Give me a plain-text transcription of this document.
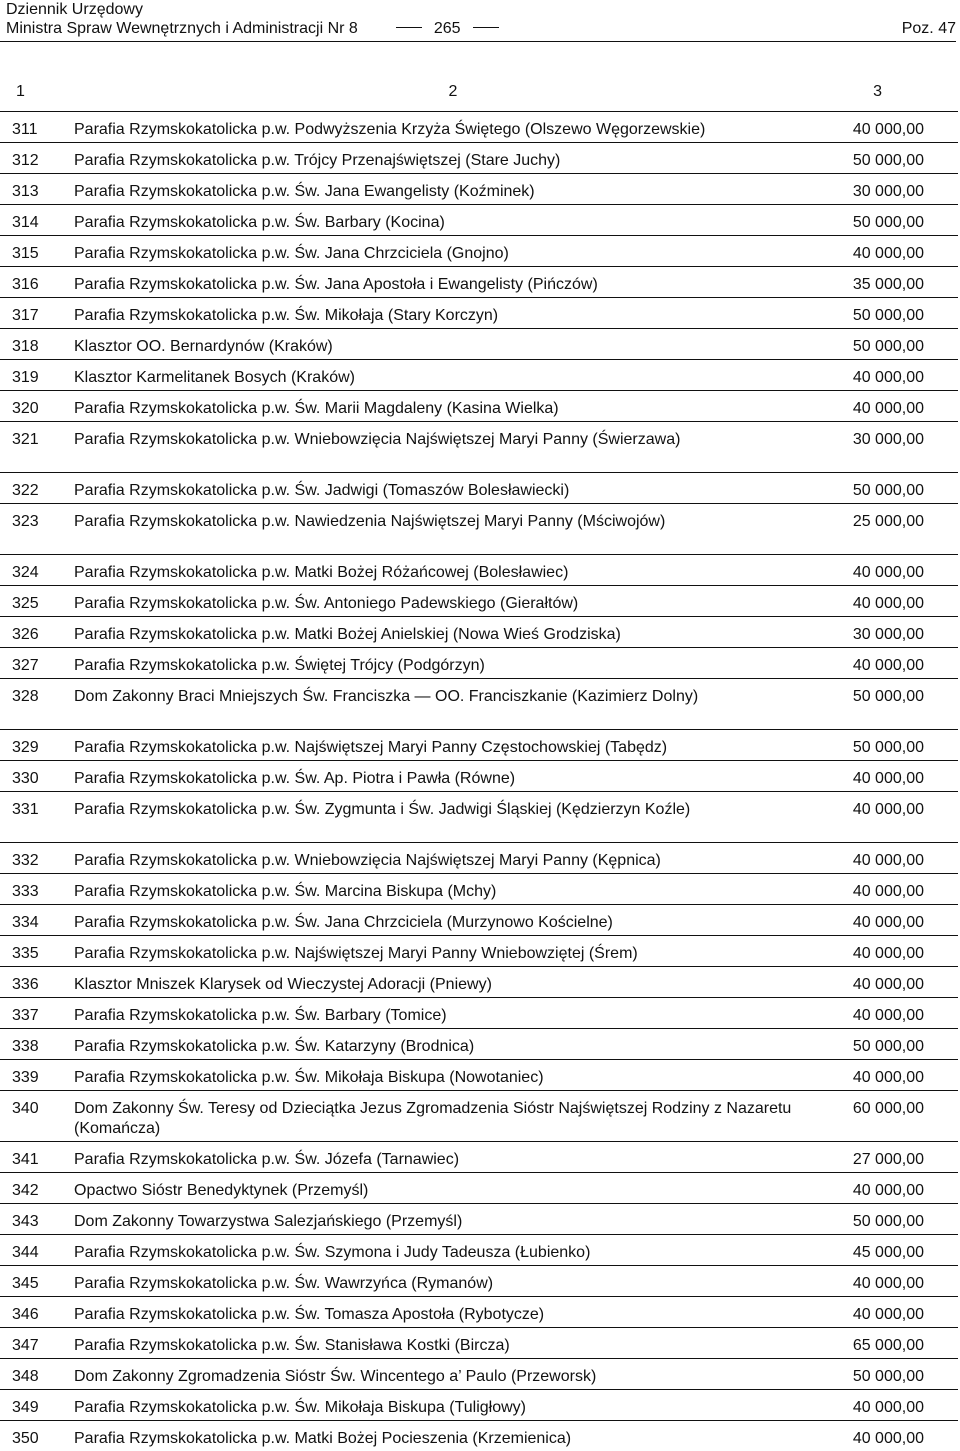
Dziennik Urzędowy
Ministra Spraw Wewnętrznych i Administracji Nr 8	265	Poz. 47
1	2	3
311	Parafia Rzymskokatolicka p.w. Podwyższenia Krzyża Świętego (Olszewo Węgorzewskie)	40 000,00
312	Parafia Rzymskokatolicka p.w. Trójcy Przenajświętszej (Stare Juchy)	50 000,00
313	Parafia Rzymskokatolicka p.w. Św. Jana Ewangelisty (Koźminek)	30 000,00
314	Parafia Rzymskokatolicka p.w. Św. Barbary (Kocina)	50 000,00
315	Parafia Rzymskokatolicka p.w. Św. Jana Chrzciciela (Gnojno)	40 000,00
316	Parafia Rzymskokatolicka p.w. Św. Jana Apostoła i Ewangelisty (Pińczów)	35 000,00
317	Parafia Rzymskokatolicka p.w. Św. Mikołaja (Stary Korczyn)	50 000,00
318	Klasztor OO. Bernardynów (Kraków)	50 000,00
319	Klasztor Karmelitanek Bosych (Kraków)	40 000,00
320	Parafia Rzymskokatolicka p.w. Św. Marii Magdaleny (Kasina Wielka)	40 000,00
321	Parafia Rzymskokatolicka p.w. Wniebowzięcia Najświętszej Maryi Panny (Świerzawa)	30 000,00
322	Parafia Rzymskokatolicka p.w. Św. Jadwigi (Tomaszów Bolesławiecki)	50 000,00
323	Parafia Rzymskokatolicka p.w. Nawiedzenia Najświętszej Maryi Panny (Mściwojów)	25 000,00
324	Parafia Rzymskokatolicka p.w. Matki Bożej Różańcowej (Bolesławiec)	40 000,00
325	Parafia Rzymskokatolicka p.w. Św. Antoniego Padewskiego (Gierałtów)	40 000,00
326	Parafia Rzymskokatolicka p.w. Matki Bożej Anielskiej (Nowa Wieś Grodziska)	30 000,00
327	Parafia Rzymskokatolicka p.w. Świętej Trójcy (Podgórzyn)	40 000,00
328	Dom Zakonny Braci Mniejszych Św. Franciszka — OO. Franciszkanie (Kazimierz Dolny)	50 000,00
329	Parafia Rzymskokatolicka p.w. Najświętszej Maryi Panny Częstochowskiej (Tabędz)	50 000,00
330	Parafia Rzymskokatolicka p.w. Św. Ap. Piotra i Pawła (Równe)	40 000,00
331	Parafia Rzymskokatolicka p.w. Św. Zygmunta i Św. Jadwigi Śląskiej (Kędzierzyn Koźle)	40 000,00
332	Parafia Rzymskokatolicka p.w. Wniebowzięcia Najświętszej Maryi Panny (Kępnica)	40 000,00
333	Parafia Rzymskokatolicka p.w. Św. Marcina Biskupa (Mchy)	40 000,00
334	Parafia Rzymskokatolicka p.w. Św. Jana Chrzciciela (Murzynowo Kościelne)	40 000,00
335	Parafia Rzymskokatolicka p.w. Najświętszej Maryi Panny Wniebowziętej (Śrem)	40 000,00
336	Klasztor Mniszek Klarysek od Wieczystej Adoracji (Pniewy)	40 000,00
337	Parafia Rzymskokatolicka p.w. Św. Barbary (Tomice)	40 000,00
338	Parafia Rzymskokatolicka p.w. Św. Katarzyny (Brodnica)	50 000,00
339	Parafia Rzymskokatolicka p.w. Św. Mikołaja Biskupa (Nowotaniec)	40 000,00
340	Dom Zakonny Św. Teresy od Dzieciątka Jezus Zgromadzenia Sióstr Najświętszej Rodziny z Nazaretu (Komańcza)	60 000,00
341	Parafia Rzymskokatolicka p.w. Św. Józefa (Tarnawiec)	27 000,00
342	Opactwo Sióstr Benedyktynek (Przemyśl)	40 000,00
343	Dom Zakonny Towarzystwa Salezjańskiego (Przemyśl)	50 000,00
344	Parafia Rzymskokatolicka p.w. Św. Szymona i Judy Tadeusza (Łubienko)	45 000,00
345	Parafia Rzymskokatolicka p.w. Św. Wawrzyńca (Rymanów)	40 000,00
346	Parafia Rzymskokatolicka p.w. Św. Tomasza Apostoła (Rybotycze)	40 000,00
347	Parafia Rzymskokatolicka p.w. Św. Stanisława Kostki (Bircza)	65 000,00
348	Dom Zakonny Zgromadzenia Sióstr Św. Wincentego a’ Paulo (Przeworsk)	50 000,00
349	Parafia Rzymskokatolicka p.w. Św. Mikołaja Biskupa (Tuligłowy)	40 000,00
350	Parafia Rzymskokatolicka p.w. Matki Bożej Pocieszenia (Krzemienica)	40 000,00
